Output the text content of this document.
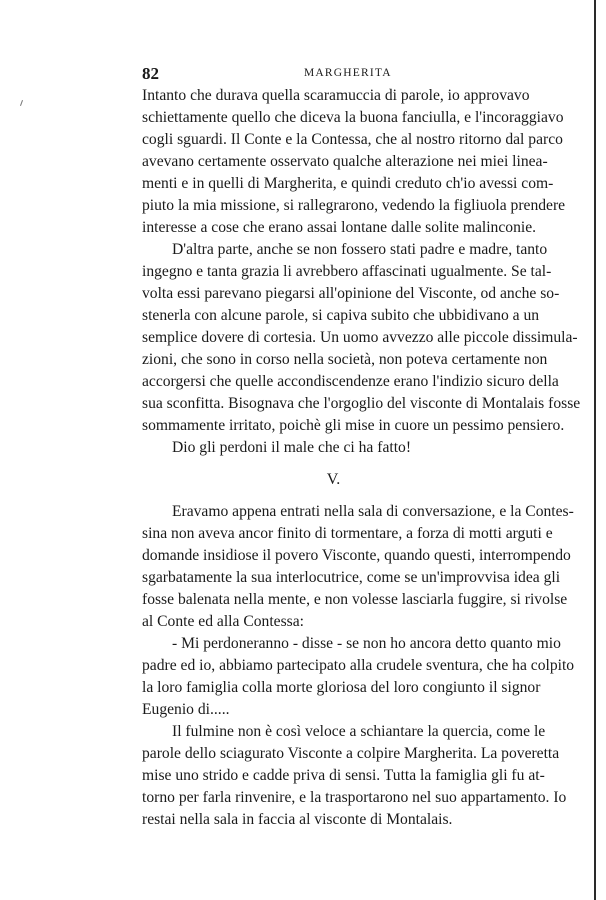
82	MARGHERITA
Intanto che durava quella scaramuccia di parole, io approvavo
schiettamente quello che diceva la buona fanciulla, e l'incoraggiavo
cogli sguardi. Il Conte e la Contessa, che al nostro ritorno dal parco
avevano certamente osservato qualche alterazione nei miei linea-
menti e in quelli di Margherita, e quindi creduto ch'io avessi com-
piuto la mia missione, si rallegrarono, vedendo la figliuola prendere
interesse a cose che erano assai lontane dalle solite malinconie.
D'altra parte, anche se non fossero stati padre e madre, tanto
ingegno e tanta grazia li avrebbero affascinati ugualmente. Se tal-
volta essi parevano piegarsi all'opinione del Visconte, od anche so-
stenerla con alcune parole, si capiva subito che ubbidivano a un
semplice dovere di cortesia. Un uomo avvezzo alle piccole dissimula-
zioni, che sono in corso nella società, non poteva certamente non
accorgersi che quelle accondiscendenze erano l'indizio sicuro della
sua sconfitta. Bisognava che l'orgoglio del visconte di Montalais fosse
sommamente irritato, poichè gli mise in cuore un pessimo pensiero.
Dio gli perdoni il male che ci ha fatto!
V.
Eravamo appena entrati nella sala di conversazione, e la Contes-
sina non aveva ancor finito di tormentare, a forza di motti arguti e
domande insidiose il povero Visconte, quando questi, interrompendo
sgarbatamente la sua interlocutrice, come se un'improvvisa idea gli
fosse balenata nella mente, e non volesse lasciarla fuggire, si rivolse
al Conte ed alla Contessa:
- Mi perdoneranno - disse - se non ho ancora detto quanto mio
padre ed io, abbiamo partecipato alla crudele sventura, che ha colpito
la loro famiglia colla morte gloriosa del loro congiunto il signor
Eugenio di.....
Il fulmine non è così veloce a schiantare la quercia, come le
parole dello sciagurato Visconte a colpire Margherita. La poveretta
mise uno strido e cadde priva di sensi. Tutta la famiglia gli fu at-
torno per farla rinvenire, e la trasportarono nel suo appartamento. Io
restai nella sala in faccia al visconte di Montalais.
